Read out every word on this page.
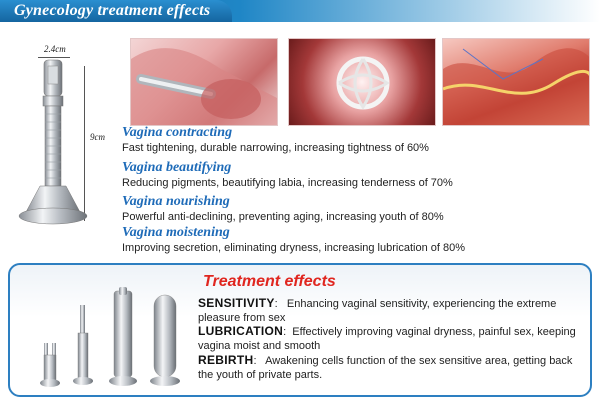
Gynecology treatment effects
2.4cm
9cm Vagina contracting
Fast tightening, durable narrowing, increasing tightness of 60%
Vagina beautifying
Reducing pigments, beautifying labia, increasing tenderness of 70%
Vagina nourishing
Powerful anti-declining, preventing aging, increasing youth of 80%
Vagina moistening
Improving secretion, eliminating dryness, increasing lubrication of 80%
Treatment effects
SENSITIVITY:   Enhancing vaginal sensitivity, experiencing the extreme pleasure from sex
LUBRICATION:  Effectively improving vaginal dryness, painful sex, keeping vagina moist and smooth
REBIRTH:   Awakening cells function of the sex sensitive area, getting back the youth of private parts.
